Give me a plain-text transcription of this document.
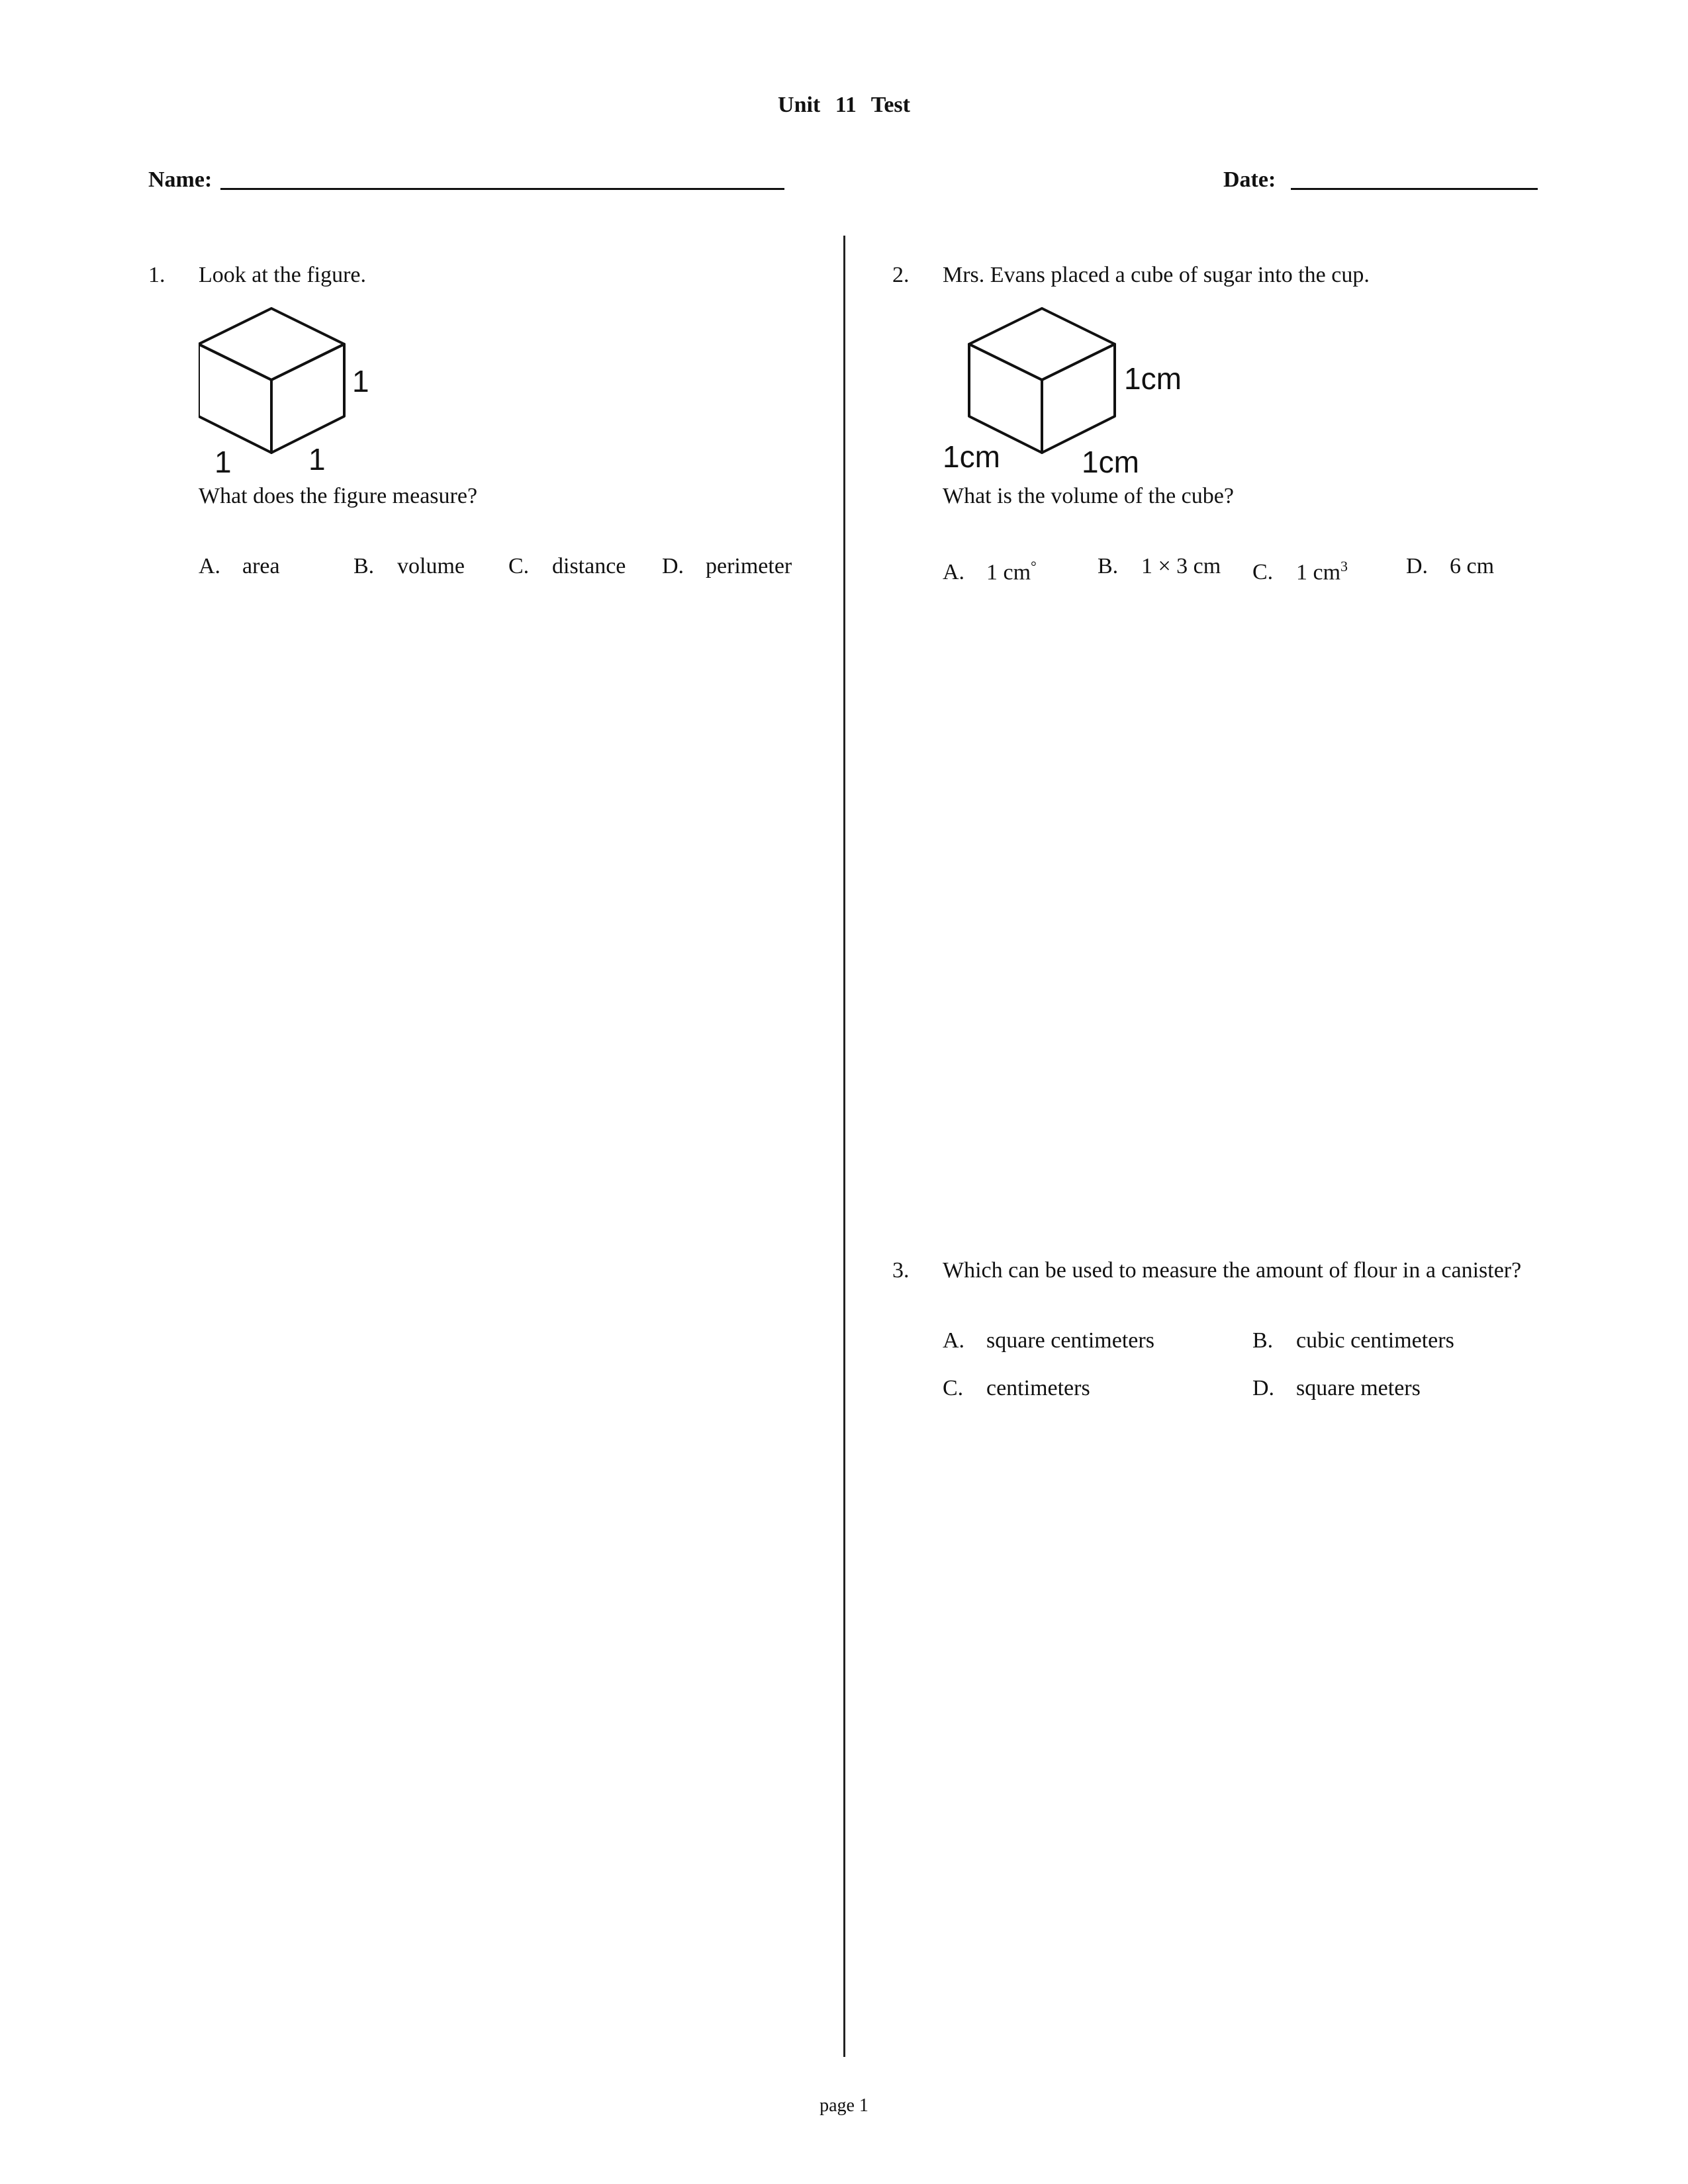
Unit 11 Test
Name:	Date:
1. Look at the figure.
1
1	1
What does the figure measure?
A. area	B. volume C. distance D. perimeter
2. Mrs. Evans placed a cube of sugar into the cup.
1cm
1cm	1cm
What is the volume of the cube?
A. 1 cm°	B. 1 × 3 cm C. 1 $cm^3$	D. 6 cm
3. Which can be used to measure the amount of flour in a canister?
A. square centimeters	B. cubic centimeters
C. centimeters	D. square meters
page 1
